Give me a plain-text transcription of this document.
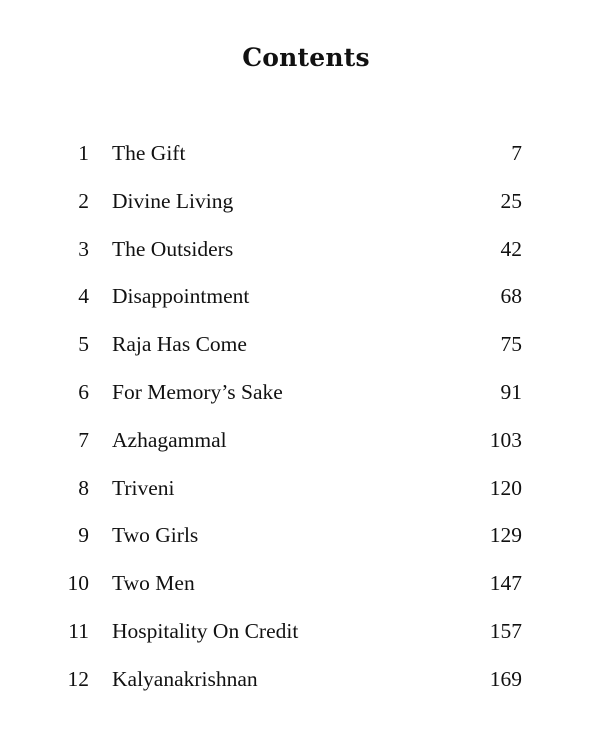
Contents
1 The Gift	7
2 Divine Living	25
3 The Outsiders	42
4 Disappointment	68
5 Raja Has Come	75
6 For Memory’s Sake	91
7 Azhagammal	103
8 Triveni	120
9 Two Girls	129
10 Two Men	147
11 Hospitality On Credit	157
12 Kalyanakrishnan	169
